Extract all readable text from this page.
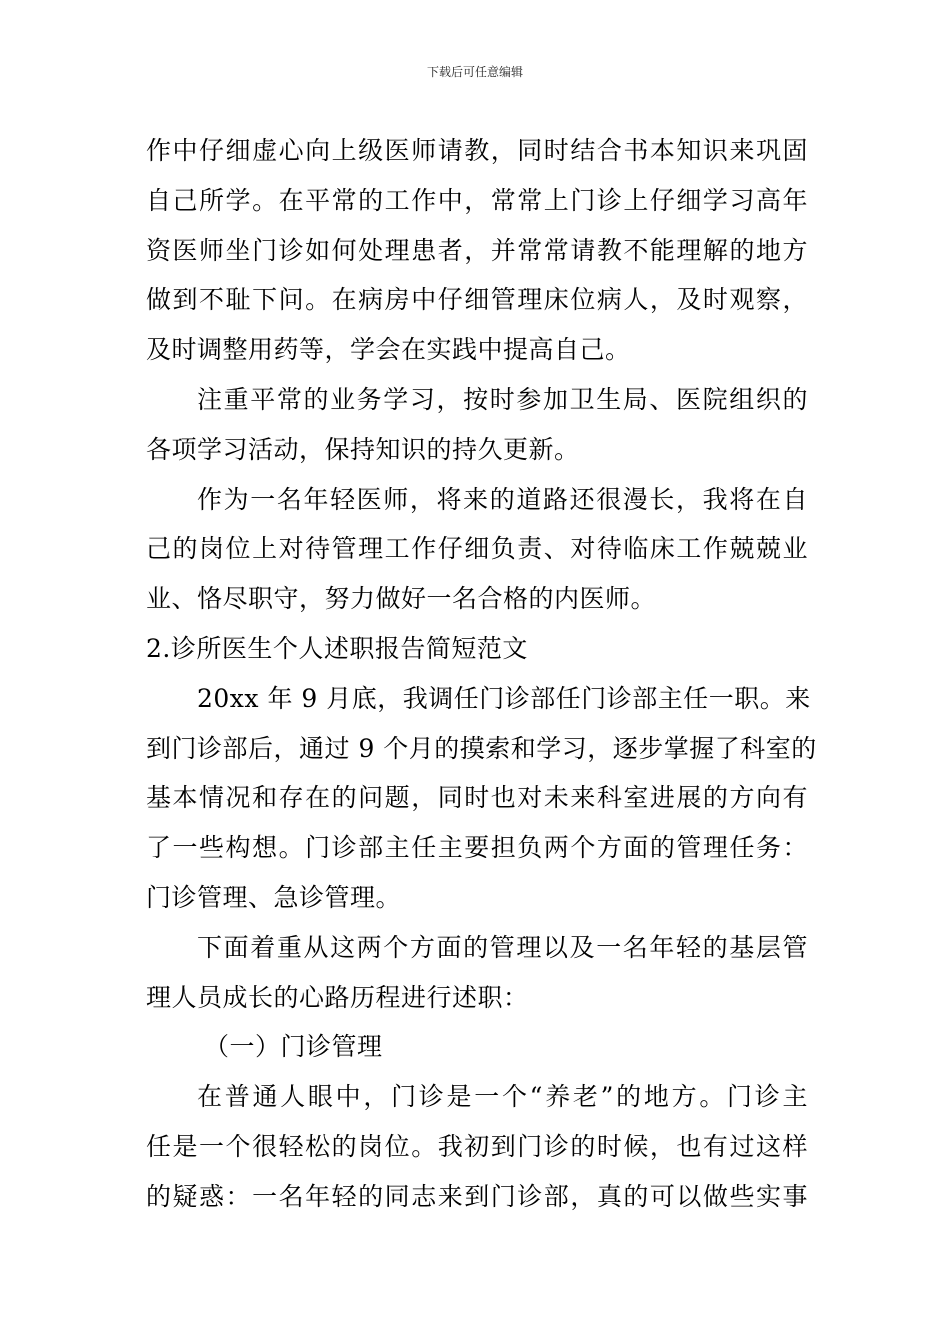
下载后可任意编辑
作中仔细虚心向上级医师请教，同时结合书本知识来巩固
自己所学。在平常的工作中，常常上门诊上仔细学习高年
资医师坐门诊如何处理患者，并常常请教不能理解的地方
做到不耻下问。在病房中仔细管理床位病人，及时观察，
及时调整用药等，学会在实践中提高自己。
注重平常的业务学习，按时参加卫生局、医院组织的
各项学习活动，保持知识的持久更新。
作为一名年轻医师，将来的道路还很漫长，我将在自
己的岗位上对待管理工作仔细负责、对待临床工作兢兢业
业、恪尽职守，努力做好一名合格的内医师。
2.诊所医生个人述职报告简短范文
20xx 年 9 月底，我调任门诊部任门诊部主任一职。来
到门诊部后，通过 9 个月的摸索和学习，逐步掌握了科室的
基本情况和存在的问题，同时也对未来科室进展的方向有
了一些构想。门诊部主任主要担负两个方面的管理任务：
门诊管理、急诊管理。
下面着重从这两个方面的管理以及一名年轻的基层管
理人员成长的心路历程进行述职：
（一）门诊管理
在普通人眼中，门诊是一个“养老”的地方。门诊主
任是一个很轻松的岗位。我初到门诊的时候，也有过这样
的疑惑：一名年轻的同志来到门诊部，真的可以做些实事
